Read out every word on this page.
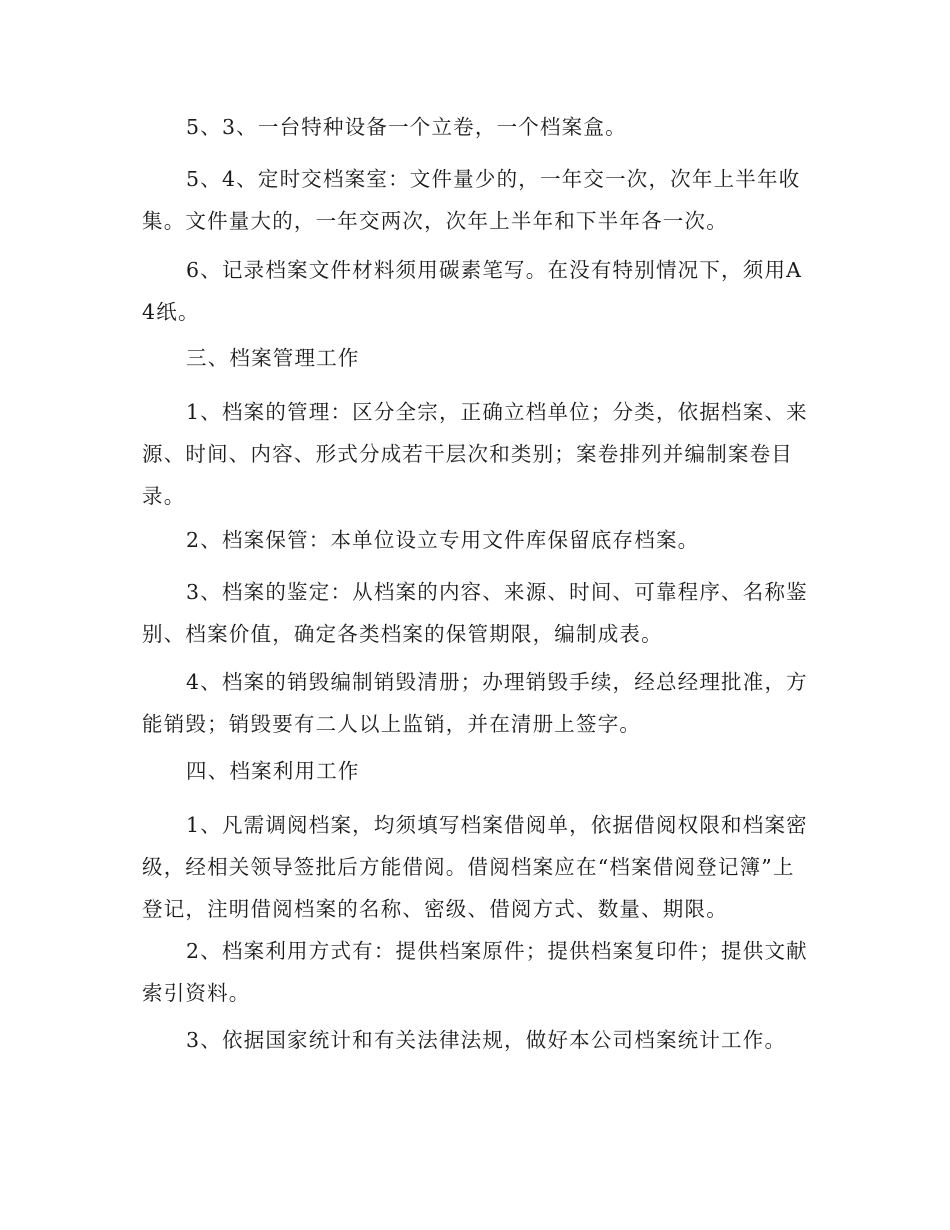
5、3、一台特种设备一个立卷，一个档案盒。

5、4、定时交档案室：文件量少的，一年交一次，次年上半年收集。文件量大的，一年交两次，次年上半年和下半年各一次。

6、记录档案文件材料须用碳素笔写。在没有特别情况下，须用A4纸。

三、档案管理工作

1、档案的管理：区分全宗，正确立档单位；分类，依据档案、来源、时间、内容、形式分成若干层次和类别；案卷排列并编制案卷目录。

2、档案保管：本单位设立专用文件库保留底存档案。

3、档案的鉴定：从档案的内容、来源、时间、可靠程序、名称鉴别、档案价值，确定各类档案的保管期限，编制成表。

4、档案的销毁编制销毁清册；办理销毁手续，经总经理批准，方能销毁；销毁要有二人以上监销，并在清册上签字。

四、档案利用工作

1、凡需调阅档案，均须填写档案借阅单，依据借阅权限和档案密级，经相关领导签批后方能借阅。借阅档案应在“档案借阅登记簿”上登记，注明借阅档案的名称、密级、借阅方式、数量、期限。

2、档案利用方式有：提供档案原件；提供档案复印件；提供文献索引资料。

3、依据国家统计和有关法律法规，做好本公司档案统计工作。
